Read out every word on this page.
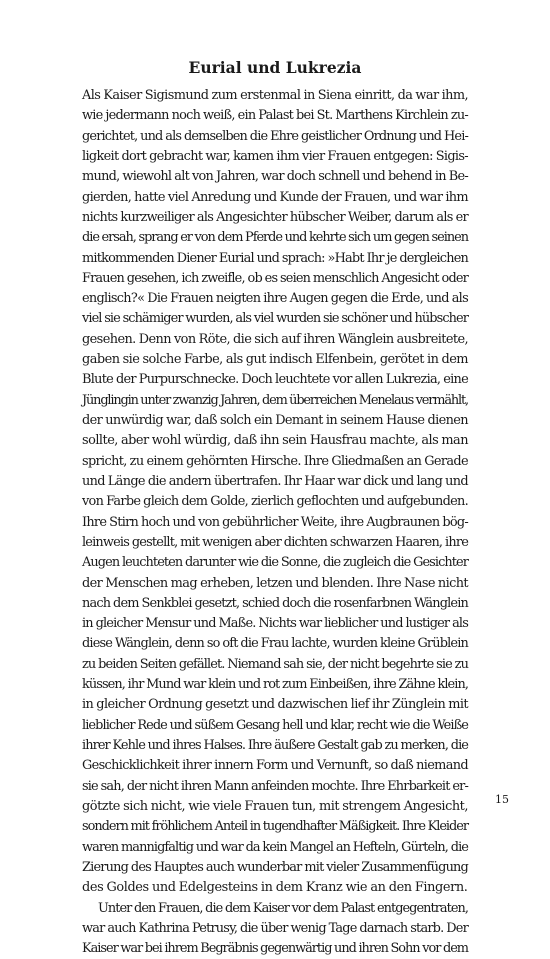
Eurial und Lukrezia
Als Kaiser Sigismund zum erstenmal in Siena einritt, da war ihm,
wie jedermann noch weiß, ein Palast bei St. Marthens Kirchlein zu-
gerichtet, und als demselben die Ehre geistlicher Ordnung und Hei-
ligkeit dort gebracht war, kamen ihm vier Frauen entgegen: Sigis-
mund, wiewohl alt von Jahren, war doch schnell und behend in Be-
gierden, hatte viel Anredung und Kunde der Frauen, und war ihm
nichts kurzweiliger als Angesichter hübscher Weiber, darum als er
die ersah, sprang er von dem Pferde und kehrte sich um gegen seinen
mitkommenden Diener Eurial und sprach: »Habt Ihr je dergleichen
Frauen gesehen, ich zweifle, ob es seien menschlich Angesicht oder
englisch?« Die Frauen neigten ihre Augen gegen die Erde, und als
viel sie schämiger wurden, als viel wurden sie schöner und hübscher
gesehen. Denn von Röte, die sich auf ihren Wänglein ausbreitete,
gaben sie solche Farbe, als gut indisch Elfenbein, gerötet in dem
Blute der Purpurschnecke. Doch leuchtete vor allen Lukrezia, eine
Jünglingin unter zwanzig Jahren, dem überreichen Menelaus vermählt,
der unwürdig war, daß solch ein Demant in seinem Hause dienen
sollte, aber wohl würdig, daß ihn sein Hausfrau machte, als man
spricht, zu einem gehörnten Hirsche. Ihre Gliedmaßen an Gerade
und Länge die andern übertrafen. Ihr Haar war dick und lang und
von Farbe gleich dem Golde, zierlich geflochten und aufgebunden.
Ihre Stirn hoch und von gebührlicher Weite, ihre Augbraunen bög-
leinweis gestellt, mit wenigen aber dichten schwarzen Haaren, ihre
Augen leuchteten darunter wie die Sonne, die zugleich die Gesichter
der Menschen mag erheben, letzen und blenden. Ihre Nase nicht
nach dem Senkblei gesetzt, schied doch die rosenfarbnen Wänglein
in gleicher Mensur und Maße. Nichts war lieblicher und lustiger als
diese Wänglein, denn so oft die Frau lachte, wurden kleine Grüblein
zu beiden Seiten gefället. Niemand sah sie, der nicht begehrte sie zu
küssen, ihr Mund war klein und rot zum Einbeißen, ihre Zähne klein,
in gleicher Ordnung gesetzt und dazwischen lief ihr Zünglein mit
lieblicher Rede und süßem Gesang hell und klar, recht wie die Weiße
ihrer Kehle und ihres Halses. Ihre äußere Gestalt gab zu merken, die
Geschicklichkeit ihrer innern Form und Vernunft, so daß niemand
sie sah, der nicht ihren Mann anfeinden mochte. Ihre Ehrbarkeit er-
götzte sich nicht, wie viele Frauen tun, mit strengem Angesicht,
sondern mit fröhlichem Anteil in tugendhafter Mäßigkeit. Ihre Kleider
waren mannigfaltig und war da kein Mangel an Hefteln, Gürteln, die
Zierung des Hauptes auch wunderbar mit vieler Zusammenfügung
des Goldes und Edelgesteins in dem Kranz wie an den Fingern.
Unter den Frauen, die dem Kaiser vor dem Palast entgegentraten,
war auch Kathrina Petrusy, die über wenig Tage darnach starb. Der
Kaiser war bei ihrem Begräbnis gegenwärtig und ihren Sohn vor dem
15
